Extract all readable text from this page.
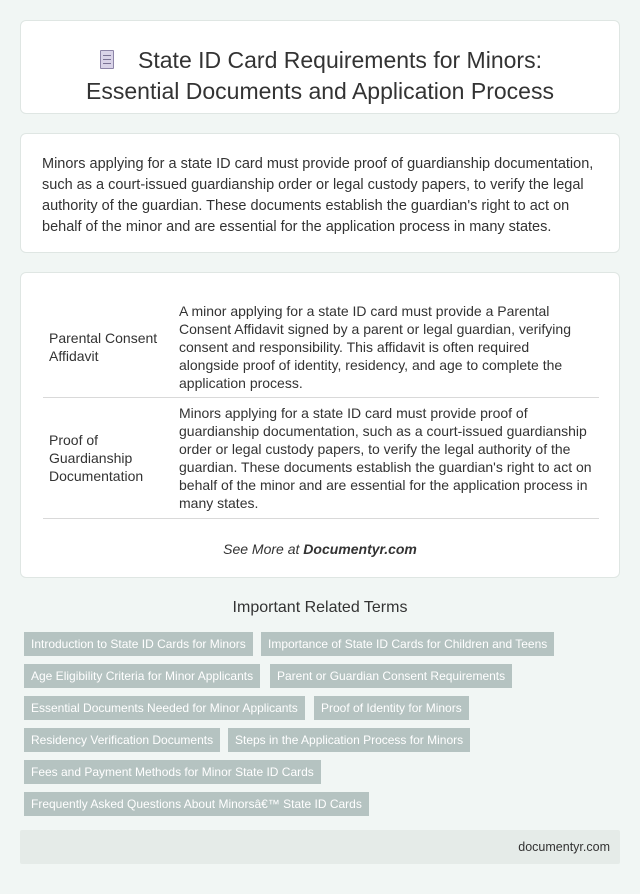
State ID Card Requirements for Minors:
Essential Documents and Application Process

Minors applying for a state ID card must provide proof of guardianship documentation, such as a court-issued guardianship order or legal custody papers, to verify the legal authority of the guardian. These documents establish the guardian's right to act on behalf of the minor and are essential for the application process in many states.

Parental Consent Affidavit	A minor applying for a state ID card must provide a Parental Consent Affidavit signed by a parent or legal guardian, verifying consent and responsibility. This affidavit is often required alongside proof of identity, residency, and age to complete the application process.
Proof of Guardianship Documentation	Minors applying for a state ID card must provide proof of guardianship documentation, such as a court-issued guardianship order or legal custody papers, to verify the legal authority of the guardian. These documents establish the guardian's right to act on behalf of the minor and are essential for the application process in many states.
See More at Documentyr.com
Important Related Terms
Introduction to State ID Cards for Minors	Importance of State ID Cards for Children and Teens
Age Eligibility Criteria for Minor Applicants	Parent or Guardian Consent Requirements
Essential Documents Needed for Minor Applicants	Proof of Identity for Minors
Residency Verification Documents	Steps in the Application Process for Minors
Fees and Payment Methods for Minor State ID Cards
Frequently Asked Questions About Minorsâ€™ State ID Cards
documentyr.com
